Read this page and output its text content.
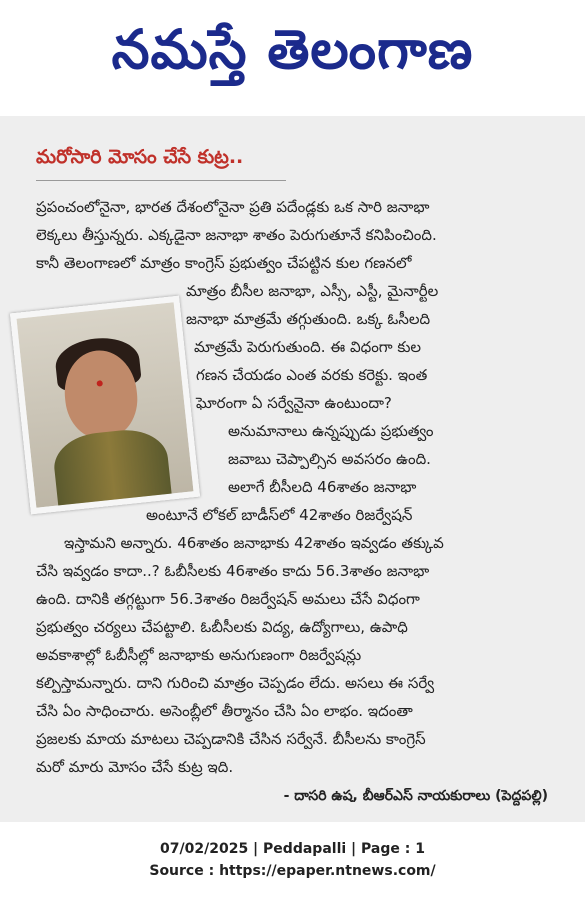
నమస్తే తెలంగాణ
మరోసారి మోసం చేసే కుట్ర..
ప్రపంచంలోనైనా, భారత దేశంలోనైనా ప్రతి పదేండ్లకు ఒక సారి జనాభా
లెక్కలు తీస్తున్నరు. ఎక్కడైనా జనాభా శాతం పెరుగుతూనే కనిపించింది.
కానీ తెలంగాణలో మాత్రం కాంగ్రెస్ ప్రభుత్వం చేపట్టిన కుల గణనలో
మాత్రం బీసీల జనాభా, ఎస్సీ, ఎస్టీ, మైనార్టీల
జనాభా మాత్రమే తగ్గుతుంది. ఒక్క ఓసీలది
మాత్రమే పెరుగుతుంది. ఈ విధంగా కుల
గణన చేయడం ఎంత వరకు కరెక్టు. ఇంత
ఘోరంగా ఏ సర్వేనైనా ఉంటుందా?
అనుమానాలు ఉన్నప్పుడు ప్రభుత్వం
జవాబు చెప్పాల్సిన అవసరం ఉంది.
అలాగే బీసీలది 46శాతం జనాభా
అంటూనే లోకల్ బాడీస్‌లో 42శాతం రిజర్వేషన్
ఇస్తామని అన్నారు. 46శాతం జనాభాకు 42శాతం ఇవ్వడం తక్కువ
చేసి ఇవ్వడం కాదా..? ఓబీసీలకు 46శాతం కాదు 56.3శాతం జనాభా
ఉంది. దానికి తగ్గట్టుగా 56.3శాతం రిజర్వేషన్ అమలు చేసే విధంగా
ప్రభుత్వం చర్యలు చేపట్టాలి. ఓబీసీలకు విద్య, ఉద్యోగాలు, ఉపాధి
అవకాశాల్లో ఓబీసీల్లో జనాభాకు అనుగుణంగా రిజర్వేషన్లు
కల్పిస్తామన్నారు. దాని గురించి మాత్రం చెప్పడం లేదు. అసలు ఈ సర్వే
చేసి ఏం సాధించారు. అసెంబ్లీలో తీర్మానం చేసి ఏం లాభం. ఇదంతా
ప్రజలకు మాయ మాటలు చెప్పడానికి చేసిన సర్వేనే. బీసీలను కాంగ్రెస్
మరో మారు మోసం చేసే కుట్ర ఇది.
- దాసరి ఉష, బీఆర్ఎస్ నాయకురాలు (పెద్దపల్లి)
07/02/2025 | Peddapalli | Page : 1
Source : https://epaper.ntnews.com/
